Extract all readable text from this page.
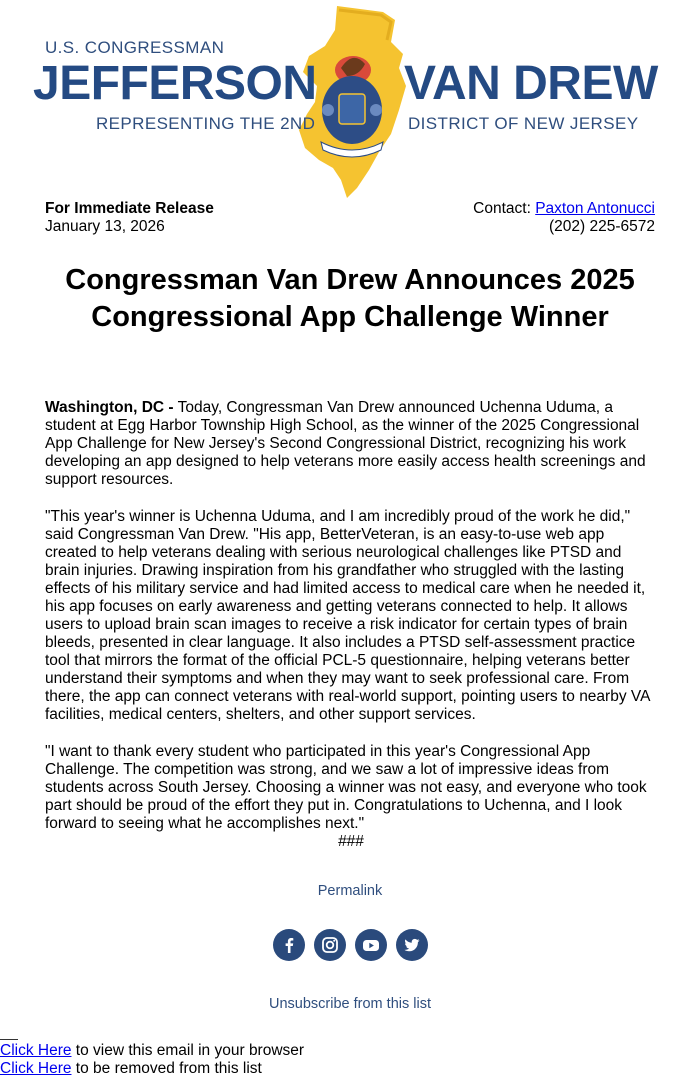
U.S. CONGRESSMAN
JEFFERSON VAN DREW
REPRESENTING THE 2ND	DISTRICT OF NEW JERSEY
For Immediate Release
January 13, 2026
Contact: Paxton Antonucci
(202) 225-6572
Congressman Van Drew Announces 2025 Congressional App Challenge Winner

Washington, DC - Today, Congressman Van Drew announced Uchenna Uduma, a student at Egg Harbor Township High School, as the winner of the 2025 Congressional App Challenge for New Jersey's Second Congressional District, recognizing his work developing an app designed to help veterans more easily access health screenings and support resources.

"This year's winner is Uchenna Uduma, and I am incredibly proud of the work he did," said Congressman Van Drew. "His app, BetterVeteran, is an easy-to-use web app created to help veterans dealing with serious neurological challenges like PTSD and brain injuries. Drawing inspiration from his grandfather who struggled with the lasting effects of his military service and had limited access to medical care when he needed it, his app focuses on early awareness and getting veterans connected to help. It allows users to upload brain scan images to receive a risk indicator for certain types of brain bleeds, presented in clear language. It also includes a PTSD self-assessment practice tool that mirrors the format of the official PCL-5 questionnaire, helping veterans better understand their symptoms and when they may want to seek professional care. From there, the app can connect veterans with real-world support, pointing users to nearby VA facilities, medical centers, shelters, and other support services.

"I want to thank every student who participated in this year's Congressional App Challenge. The competition was strong, and we saw a lot of impressive ideas from students across South Jersey. Choosing a winner was not easy, and everyone who took part should be proud of the effort they put in. Congratulations to Uchenna, and I look forward to seeing what he accomplishes next."

###

Permalink
Unsubscribe from this list
Click Here to view this email in your browser
Click Here to be removed from this list
